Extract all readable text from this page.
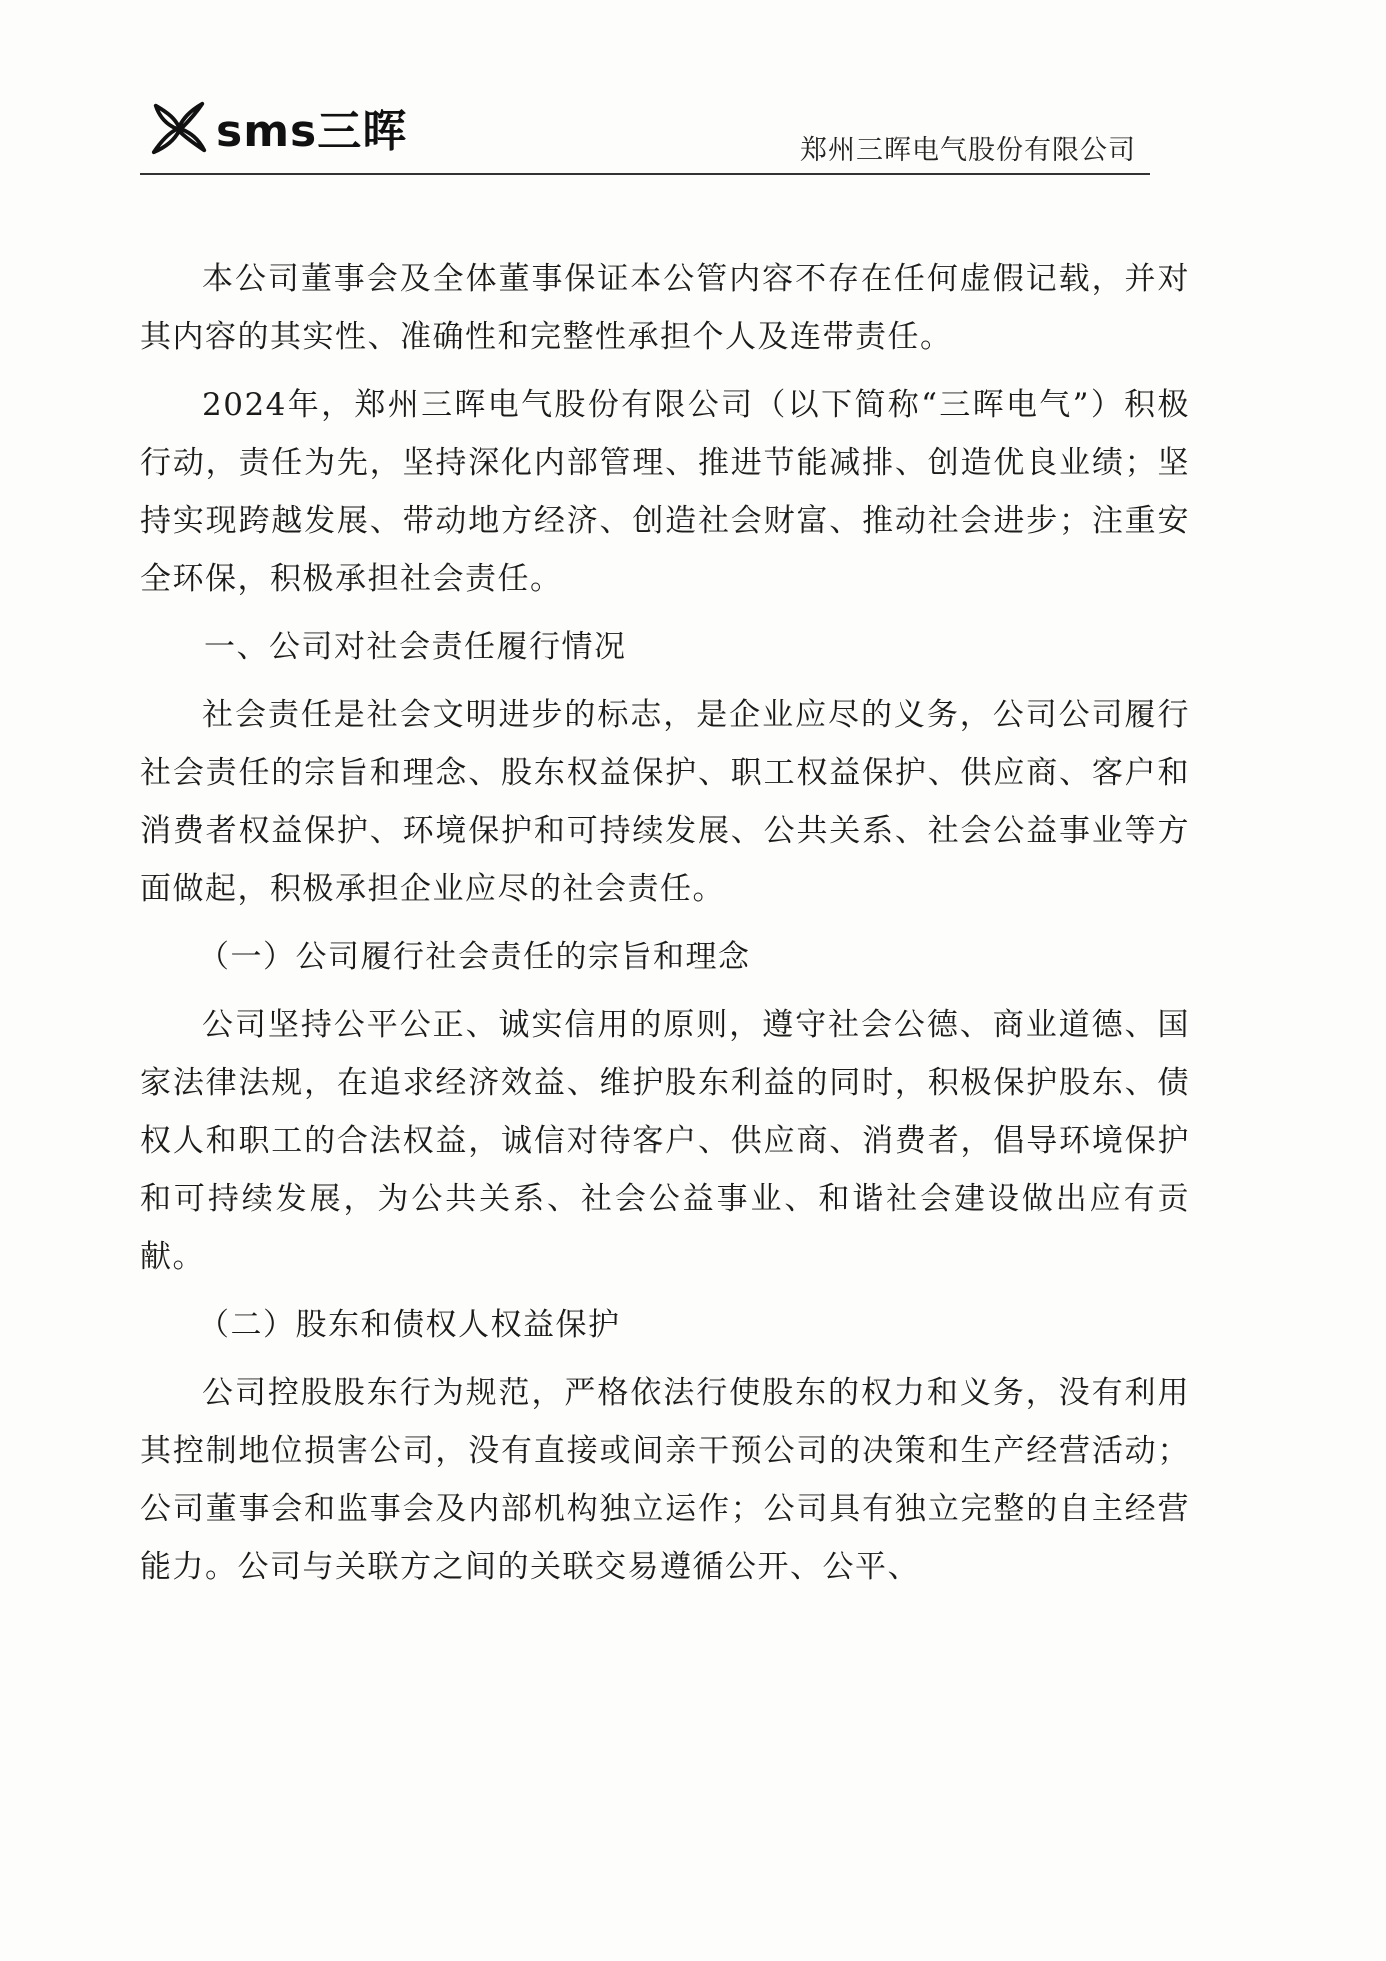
sms三晖	郑州三晖电气股份有限公司

本公司董事会及全体董事保证本公管内容不存在任何虚假记载，并对其内容的其实性、准确性和完整性承担个人及连带责任。

2024年，郑州三晖电气股份有限公司（以下简称“三晖电气”）积极行动，责任为先，坚持深化内部管理、推进节能减排、创造优良业绩；坚持实现跨越发展、带动地方经济、创造社会财富、推动社会进步；注重安全环保，积极承担社会责任。

一、公司对社会责任履行情况

社会责任是社会文明进步的标志，是企业应尽的义务，公司公司履行社会责任的宗旨和理念、股东权益保护、职工权益保护、供应商、客户和消费者权益保护、环境保护和可持续发展、公共关系、社会公益事业等方面做起，积极承担企业应尽的社会责任。

（一）公司履行社会责任的宗旨和理念

公司坚持公平公正、诚实信用的原则，遵守社会公德、商业道德、国家法律法规，在追求经济效益、维护股东利益的同时，积极保护股东、债权人和职工的合法权益，诚信对待客户、供应商、消费者，倡导环境保护和可持续发展，为公共关系、社会公益事业、和谐社会建设做出应有贡献。

（二）股东和债权人权益保护

公司控股股东行为规范，严格依法行使股东的权力和义务，没有利用其控制地位损害公司，没有直接或间亲干预公司的决策和生产经营活动；公司董事会和监事会及内部机构独立运作；公司具有独立完整的自主经营能力。公司与关联方之间的关联交易遵循公开、公平、
